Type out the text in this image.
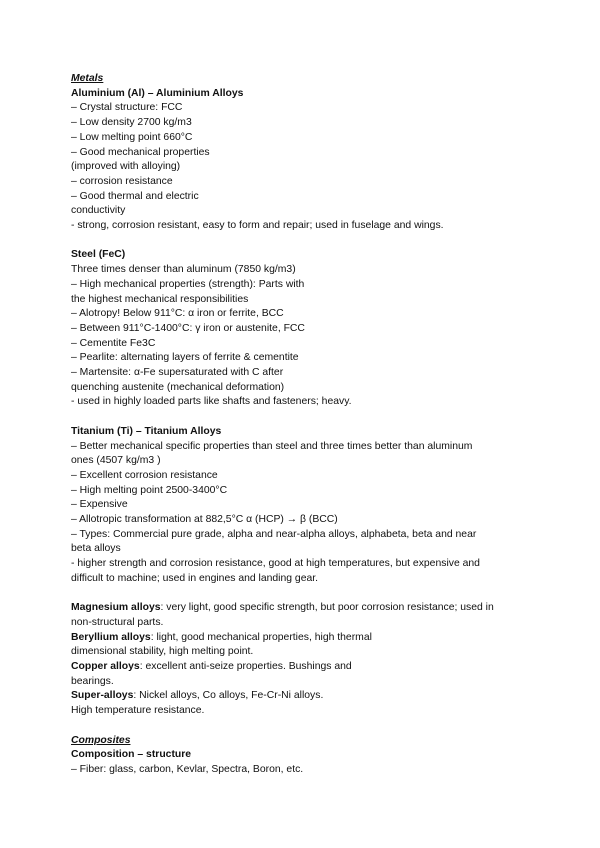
Metals
Aluminium (Al) – Aluminium Alloys
– Crystal structure: FCC
– Low density 2700 kg/m3
– Low melting point 660°C
– Good mechanical properties
(improved with alloying)
– corrosion resistance
– Good thermal and electric
conductivity
- strong, corrosion resistant, easy to form and repair; used in fuselage and wings.
Steel (FeC)
Three times denser than aluminum (7850 kg/m3)
– High mechanical properties (strength): Parts with
the highest mechanical responsibilities
– Alotropy! Below 911°C: α iron or ferrite, BCC
– Between 911°C-1400°C: γ iron or austenite, FCC
– Cementite Fe3C
– Pearlite: alternating layers of ferrite & cementite
– Martensite: α-Fe supersaturated with C after
quenching austenite (mechanical deformation)
- used in highly loaded parts like shafts and fasteners; heavy.
Titanium (Ti) – Titanium Alloys
– Better mechanical specific properties than steel and three times better than aluminum
ones (4507 kg/m3 )
– Excellent corrosion resistance
– High melting point 2500-3400°C
– Expensive
– Allotropic transformation at 882,5°C α (HCP) → β (BCC)
– Types: Commercial pure grade, alpha and near-alpha alloys, alphabeta, beta and near
beta alloys
- higher strength and corrosion resistance, good at high temperatures, but expensive and
difficult to machine; used in engines and landing gear.
Magnesium alloys: very light, good specific strength, but poor corrosion resistance; used in
non-structural parts.
Beryllium alloys: light, good mechanical properties, high thermal
dimensional stability, high melting point.
Copper alloys: excellent anti-seize properties. Bushings and
bearings.
Super-alloys: Nickel alloys, Co alloys, Fe-Cr-Ni alloys.
High temperature resistance.
Composites
Composition – structure
– Fiber: glass, carbon, Kevlar, Spectra, Boron, etc.
